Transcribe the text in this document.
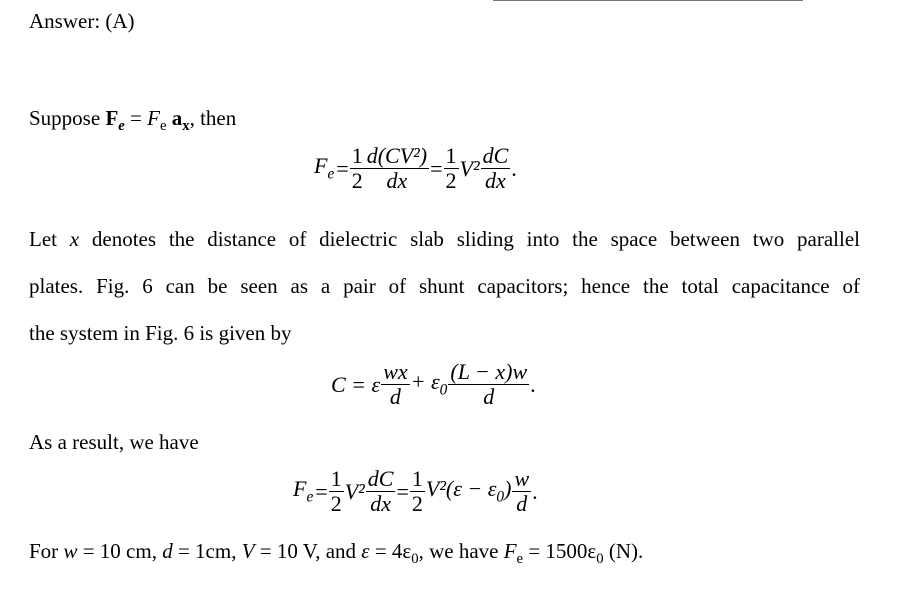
Answer: (A)
Suppose $F_e = F_e$ $a_x$, then
$F_e = \frac{1}{2} \frac{\text{d(CV²)}}{dx} = \frac{1}{2} V^2 \frac{dC}{dx}$ .
Let x denotes the distance of dielectric slab sliding into the space between two parallel
plates. Fig. 6 can be seen as a pair of shunt capacitors; hence the total capacitance of
the system in Fig. 6 is given by
C = ε $\frac{wx}{d} + \varepsilon_0 \frac{(L - x)w}{d}$ .
As a result, we have
$F_e = \frac{1}{2} V^2 \frac{dC}{dx} = \frac{1}{2} V^2(\varepsilon - \varepsilon_0) \frac{w}{d}$ .
For w = 10 cm, d = 1cm, V = 10 V, and $\varepsilon = 4\varepsilon_0$, we have $F_e = 1500\varepsilon_0$ (N).
